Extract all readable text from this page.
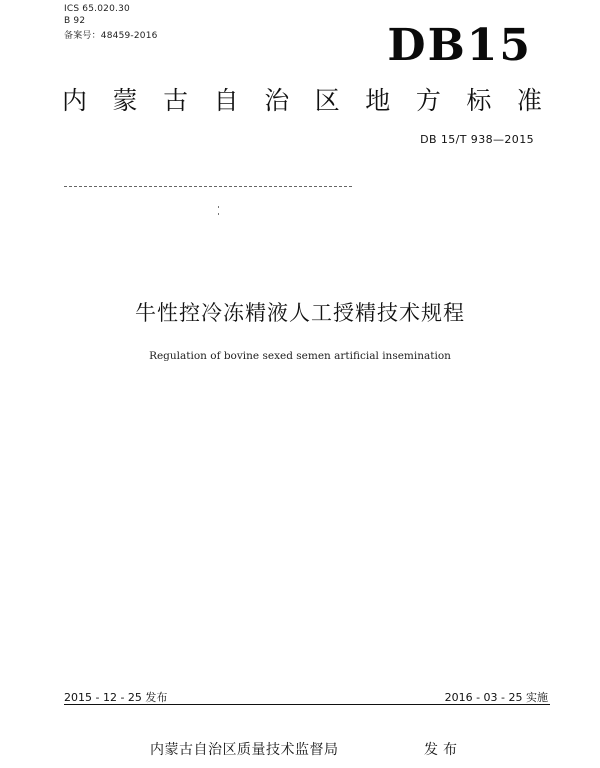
ICS 65.020.30
B 92
备案号：48459-2016	DB15
内 蒙 古 自 治 区 地 方 标 准
DB 15/T 938—2015
牛性控冷冻精液人工授精技术规程
Regulation of bovine sexed semen artificial insemination
2015 - 12 - 25 发布	2016 - 03 - 25 实施
内蒙古自治区质量技术监督局	发布
